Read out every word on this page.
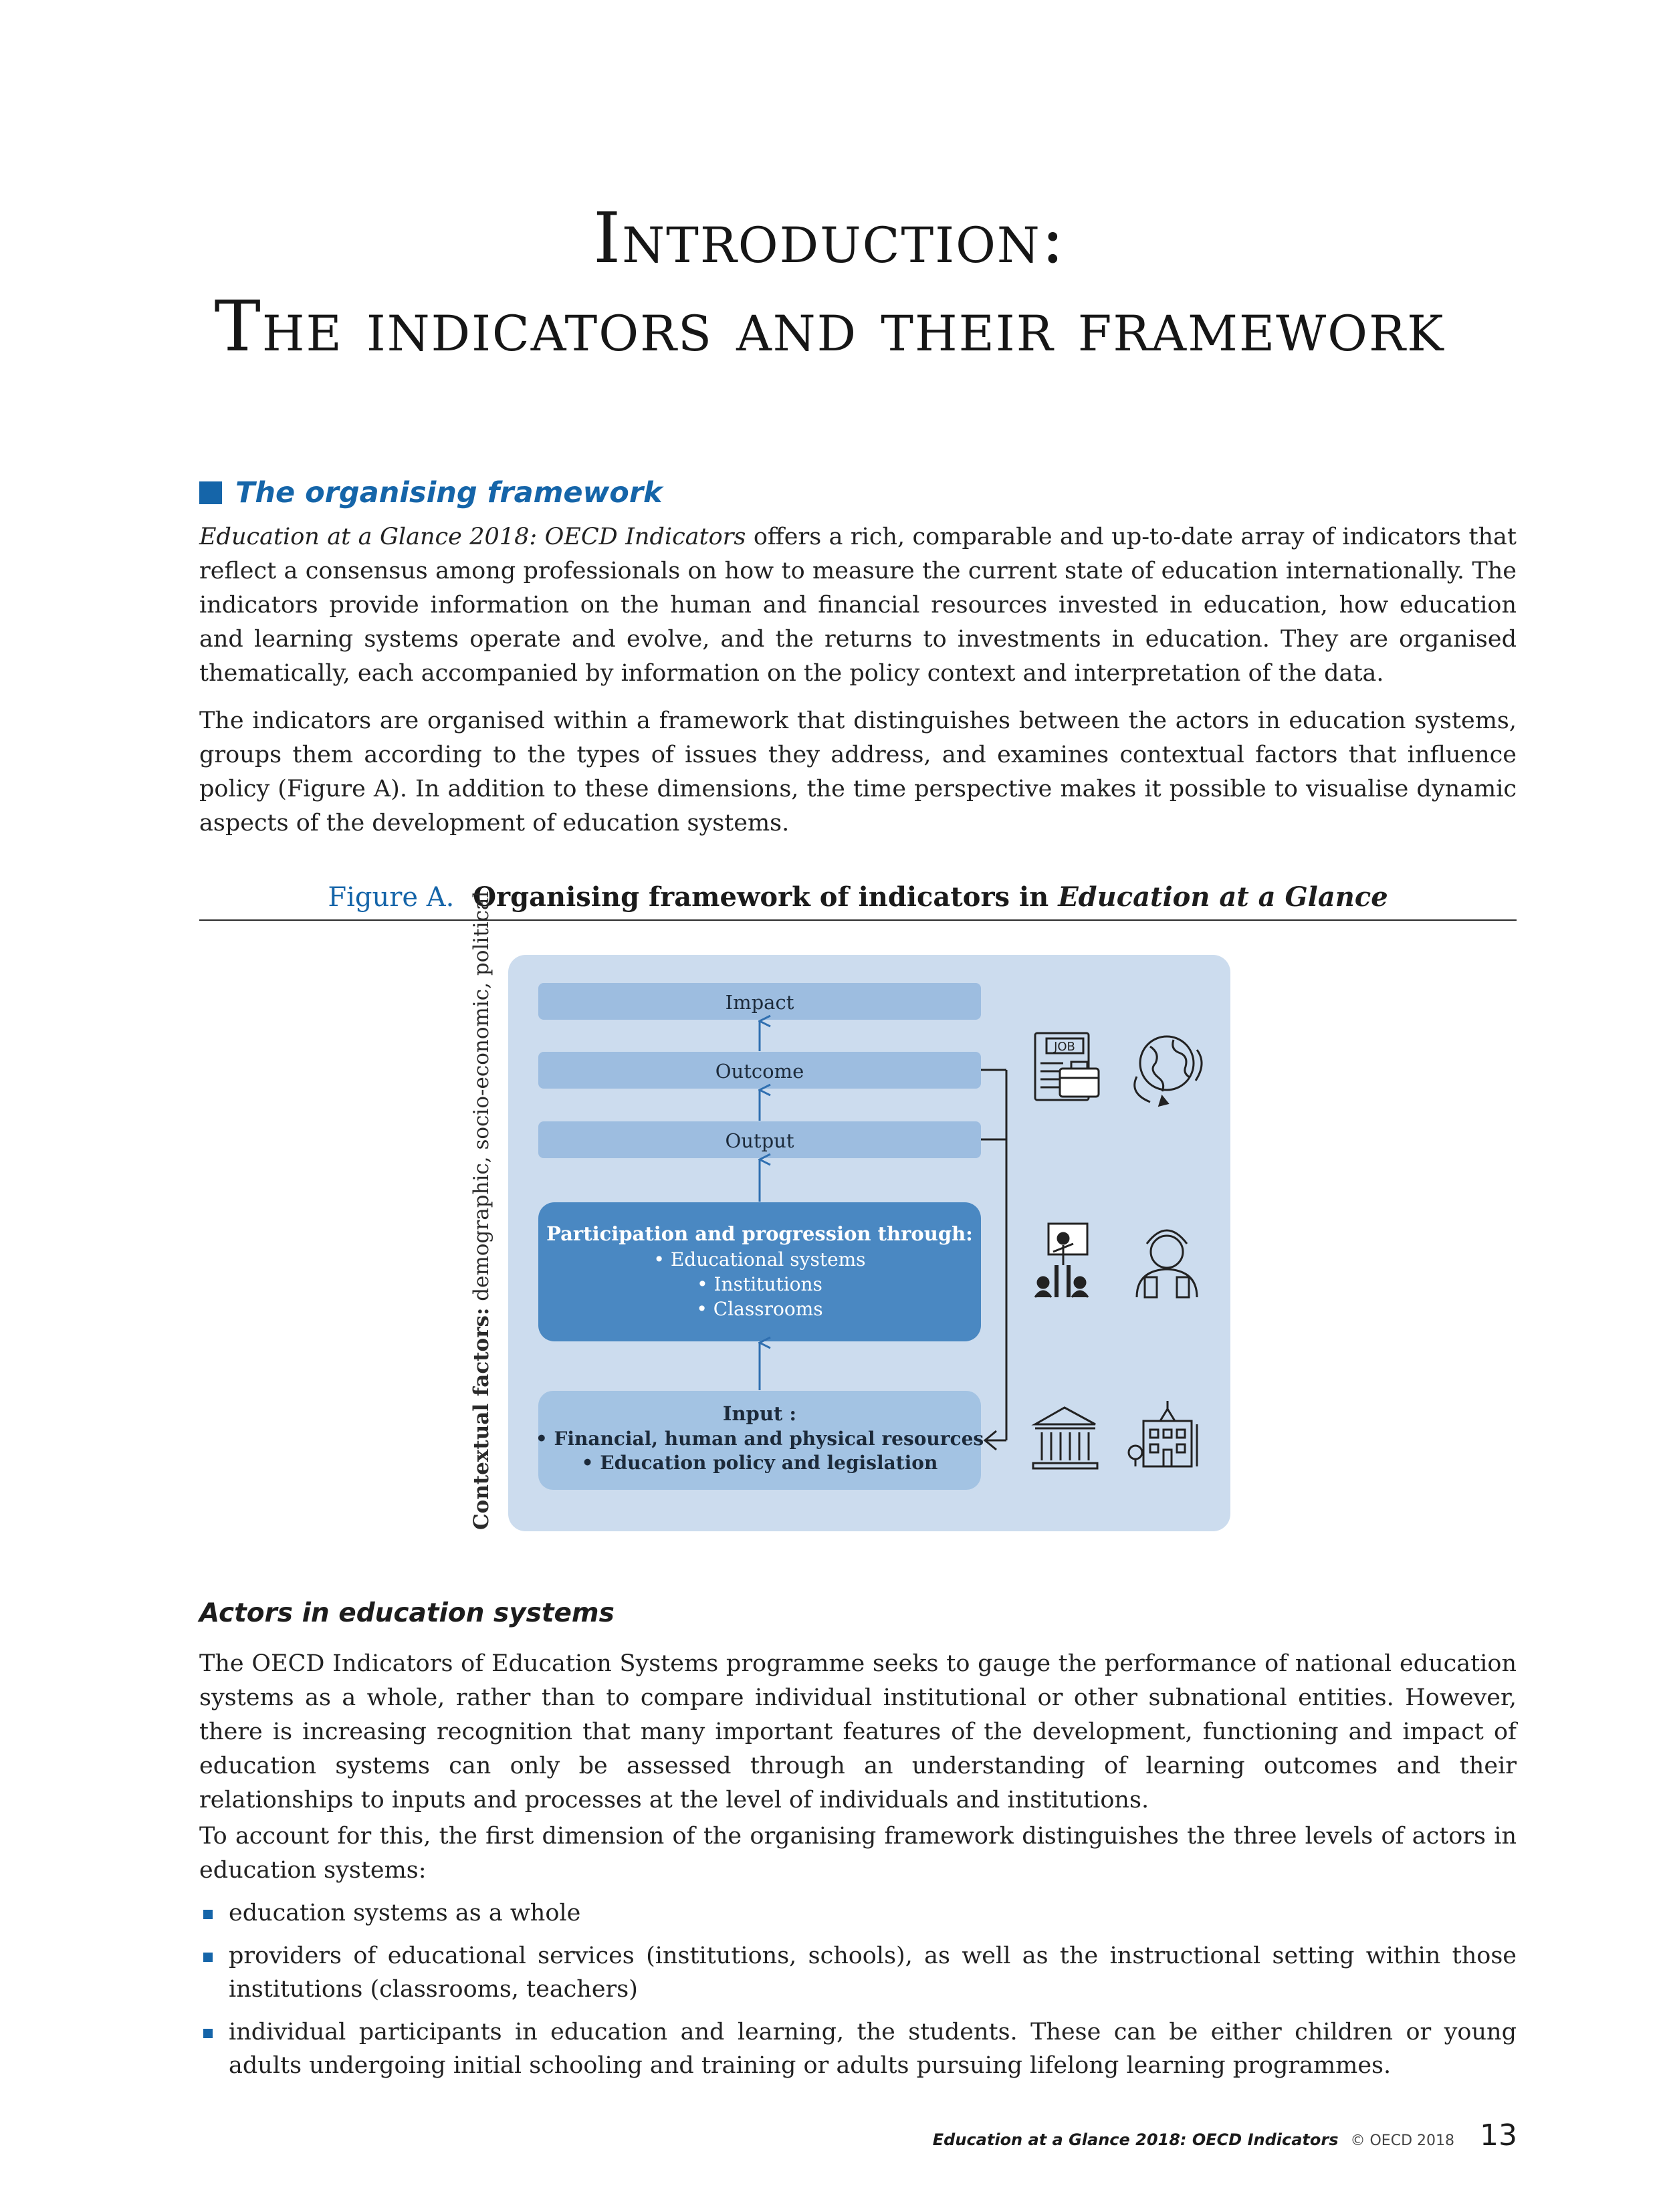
Introduction:
The indicators and their framework
The organising framework

Education at a Glance 2018: OECD Indicators offers a rich, comparable and up-to-date array of indicators that reflect a consensus among professionals on how to measure the current state of education internationally. The indicators provide information on the human and financial resources invested in education, how education and learning systems operate and evolve, and the returns to investments in education. They are organised thematically, each accompanied by information on the policy context and interpretation of the data.

The indicators are organised within a framework that distinguishes between the actors in education systems, groups them according to the types of issues they address, and examines contextual factors that influence policy (Figure A). In addition to these dimensions, the time perspective makes it possible to visualise dynamic aspects of the development of education systems.

Figure A. Organising framework of indicators in Education at a Glance
Contextual factors: demographic, socio-economic, political	Impact
Outcome
Output
Participation and progression through:
• Educational systems
• Institutions
• Classrooms
Input :
• Financial, human and physical resources
• Education policy and legislation
JOB
Actors in education systems

The OECD Indicators of Education Systems programme seeks to gauge the performance of national education systems as a whole, rather than to compare individual institutional or other subnational entities. However, there is increasing recognition that many important features of the development, functioning and impact of education systems can only be assessed through an understanding of learning outcomes and their relationships to inputs and processes at the level of individuals and institutions.

To account for this, the first dimension of the organising framework distinguishes the three levels of actors in education systems:

education systems as a whole
providers of educational services (institutions, schools), as well as the instructional setting within those institutions (classrooms, teachers)
individual participants in education and learning, the students. These can be either children or young adults undergoing initial schooling and training or adults pursuing lifelong learning programmes.
Education at a Glance 2018: OECD Indicators © OECD 2018 13
